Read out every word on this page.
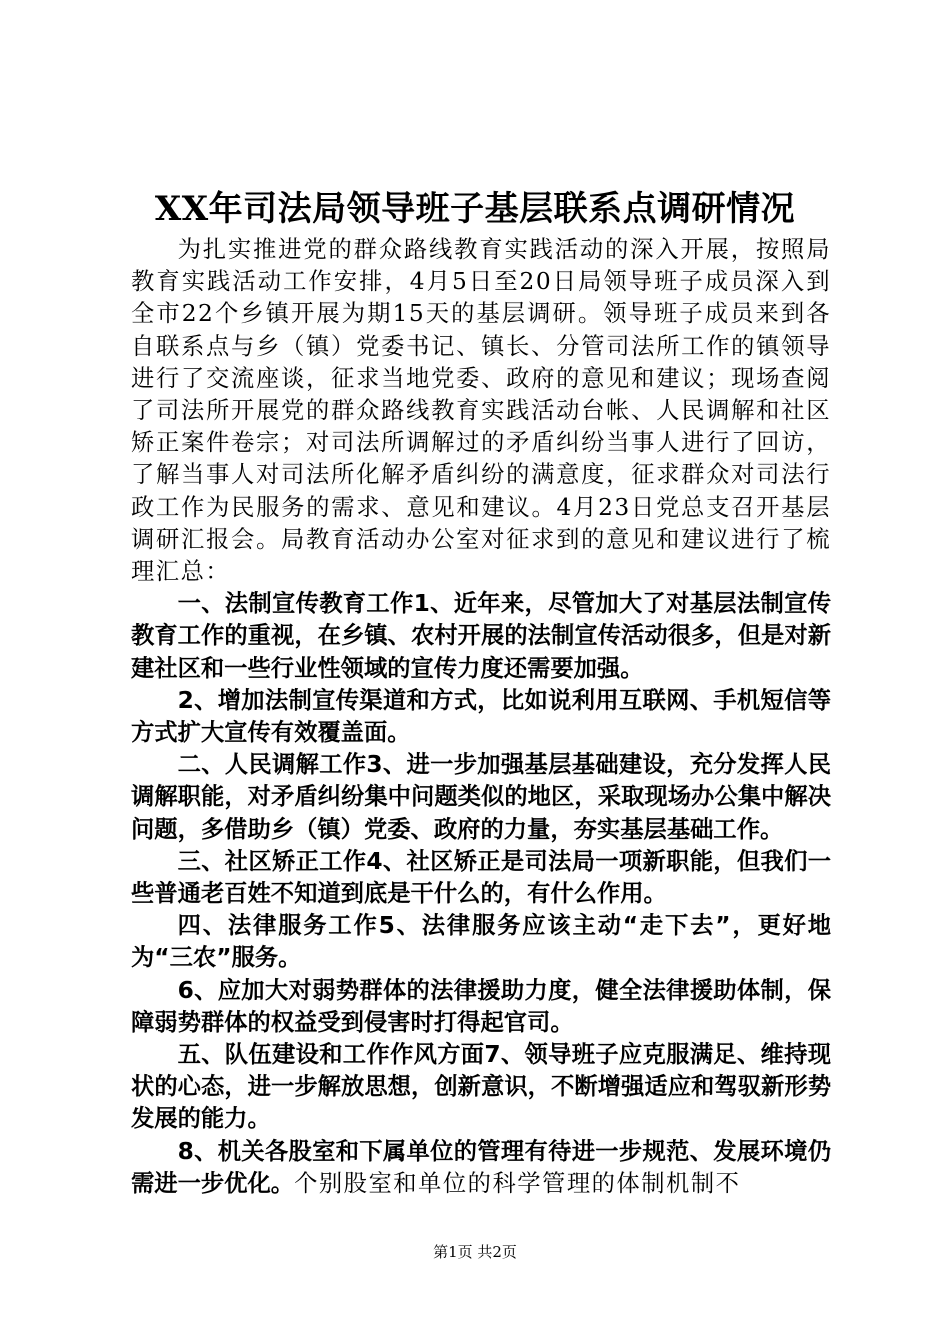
XX年司法局领导班子基层联系点调研情况

为扎实推进党的群众路线教育实践活动的深入开展，按照局教育实践活动工作安排，4月5日至20日局领导班子成员深入到全市22个乡镇开展为期15天的基层调研。领导班子成员来到各自联系点与乡（镇）党委书记、镇长、分管司法所工作的镇领导进行了交流座谈，征求当地党委、政府的意见和建议；现场查阅了司法所开展党的群众路线教育实践活动台帐、人民调解和社区矫正案件卷宗；对司法所调解过的矛盾纠纷当事人进行了回访，了解当事人对司法所化解矛盾纠纷的满意度，征求群众对司法行政工作为民服务的需求、意见和建议。4月23日党总支召开基层调研汇报会。局教育活动办公室对征求到的意见和建议进行了梳理汇总：

一、法制宣传教育工作1、近年来，尽管加大了对基层法制宣传教育工作的重视，在乡镇、农村开展的法制宣传活动很多，但是对新建社区和一些行业性领域的宣传力度还需要加强。

2、增加法制宣传渠道和方式，比如说利用互联网、手机短信等方式扩大宣传有效覆盖面。

二、人民调解工作3、进一步加强基层基础建设，充分发挥人民调解职能，对矛盾纠纷集中问题类似的地区，采取现场办公集中解决问题，多借助乡（镇）党委、政府的力量，夯实基层基础工作。

三、社区矫正工作4、社区矫正是司法局一项新职能，但我们一些普通老百姓不知道到底是干什么的，有什么作用。

四、法律服务工作5、法律服务应该主动“走下去”，更好地为“三农”服务。

6、应加大对弱势群体的法律援助力度，健全法律援助体制，保障弱势群体的权益受到侵害时打得起官司。

五、队伍建设和工作作风方面7、领导班子应克服满足、维持现状的心态，进一步解放思想，创新意识，不断增强适应和驾驭新形势发展的能力。

8、机关各股室和下属单位的管理有待进一步规范、发展环境仍需进一步优化。个别股室和单位的科学管理的体制机制不

第1页 共2页
